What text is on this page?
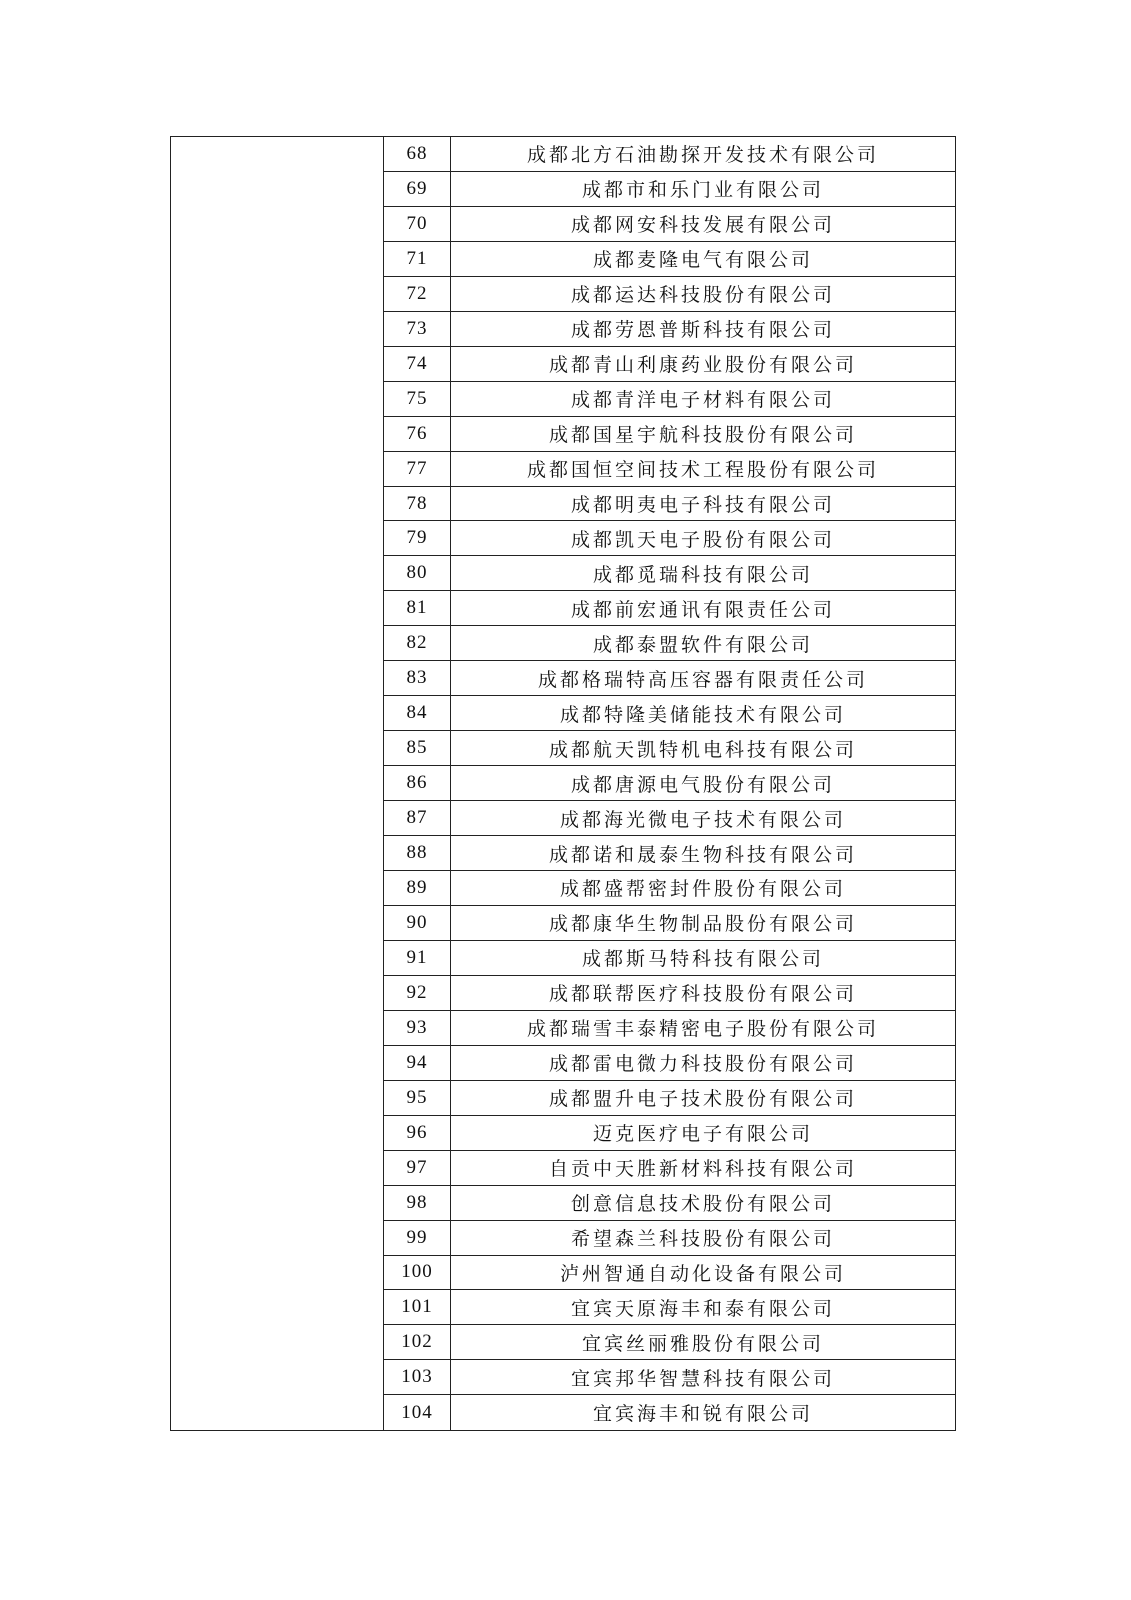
68	成都北方石油勘探开发技术有限公司
69	成都市和乐门业有限公司
70	成都网安科技发展有限公司
71	成都麦隆电气有限公司
72	成都运达科技股份有限公司
73	成都劳恩普斯科技有限公司
74	成都青山利康药业股份有限公司
75	成都青洋电子材料有限公司
76	成都国星宇航科技股份有限公司
77	成都国恒空间技术工程股份有限公司
78	成都明夷电子科技有限公司
79	成都凯天电子股份有限公司
80	成都觅瑞科技有限公司
81	成都前宏通讯有限责任公司
82	成都泰盟软件有限公司
83	成都格瑞特高压容器有限责任公司
84	成都特隆美储能技术有限公司
85	成都航天凯特机电科技有限公司
86	成都唐源电气股份有限公司
87	成都海光微电子技术有限公司
88	成都诺和晟泰生物科技有限公司
89	成都盛帮密封件股份有限公司
90	成都康华生物制品股份有限公司
91	成都斯马特科技有限公司
92	成都联帮医疗科技股份有限公司
93	成都瑞雪丰泰精密电子股份有限公司
94	成都雷电微力科技股份有限公司
95	成都盟升电子技术股份有限公司
96	迈克医疗电子有限公司
97	自贡中天胜新材料科技有限公司
98	创意信息技术股份有限公司
99	希望森兰科技股份有限公司
100	泸州智通自动化设备有限公司
101	宜宾天原海丰和泰有限公司
102	宜宾丝丽雅股份有限公司
103	宜宾邦华智慧科技有限公司
104	宜宾海丰和锐有限公司
